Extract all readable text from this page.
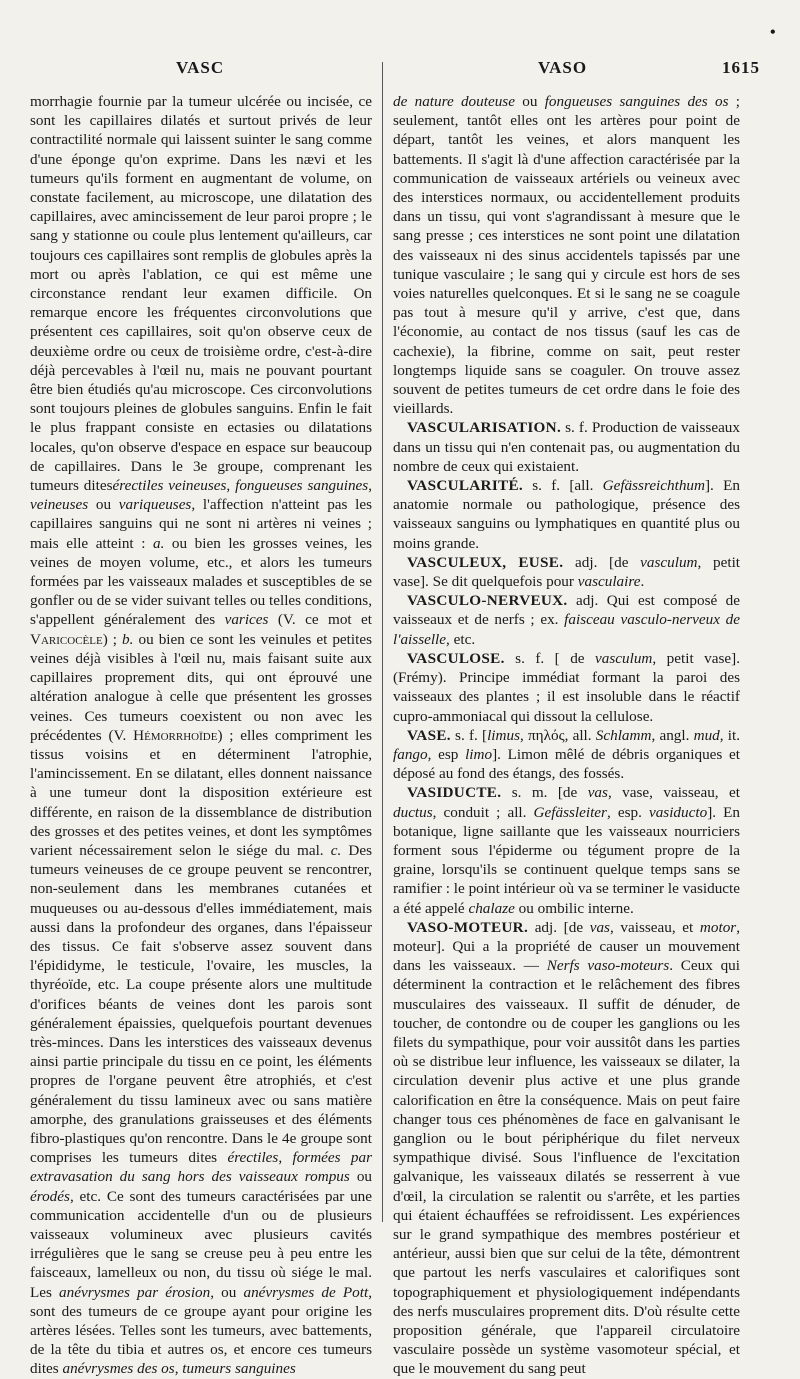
VASC	VASO	1615
•

morrhagie fournie par la tumeur ulcérée ou incisée, ce sont les capillaires dilatés et surtout privés de leur contractilité normale qui laissent suinter le sang comme d'une éponge qu'on exprime. Dans les nævi et les tumeurs qu'ils forment en augmentant de volume, on constate facilement, au microscope, une dilatation des capillaires, avec amincissement de leur paroi propre ; le sang y stationne ou coule plus lentement qu'ailleurs, car toujours ces capillaires sont remplis de globules après la mort ou après l'ablation, ce qui est même une circonstance rendant leur examen difficile. On remarque encore les fréquentes circonvolutions que présentent ces capillaires, soit qu'on observe ceux de deuxième ordre ou ceux de troisième ordre, c'est-à-dire déjà percevables à l'œil nu, mais ne pouvant pourtant être bien étudiés qu'au microscope. Ces circonvolutions sont toujours pleines de globules sanguins. Enfin le fait le plus frappant consiste en ectasies ou dilatations locales, qu'on observe d'espace en espace sur beaucoup de capillaires. Dans le 3e groupe, comprenant les tumeurs ditesérectiles veineuses, fongueuses sanguines, veineuses ou variqueuses, l'affection n'atteint pas les capillaires sanguins qui ne sont ni artères ni veines ; mais elle atteint : a. ou bien les grosses veines, les veines de moyen volume, etc., et alors les tumeurs formées par les vaisseaux malades et susceptibles de se gonfler ou de se vider suivant telles ou telles conditions, s'appellent généralement des varices (V. ce mot et Varicocèle) ; b. ou bien ce sont les veinules et petites veines déjà visibles à l'œil nu, mais faisant suite aux capillaires proprement dits, qui ont éprouvé une altération analogue à celle que présentent les grosses veines. Ces tumeurs coexistent ou non avec les précédentes (V. Hémorrhoïde) ; elles compriment les tissus voisins et en déterminent l'atrophie, l'amincissement. En se dilatant, elles donnent naissance à une tumeur dont la disposition extérieure est différente, en raison de la dissemblance de distribution des grosses et des petites veines, et dont les symptômes varient nécessairement selon le siége du mal. c. Des tumeurs veineuses de ce groupe peuvent se rencontrer, non-seulement dans les membranes cutanées et muqueuses ou au-dessous d'elles immédiatement, mais aussi dans la profondeur des organes, dans l'épaisseur des tissus. Ce fait s'observe assez souvent dans l'épididyme, le testicule, l'ovaire, les muscles, la thyréoïde, etc. La coupe présente alors une multitude d'orifices béants de veines dont les parois sont généralement épaissies, quelquefois pourtant devenues très-minces. Dans les interstices des vaisseaux devenus ainsi partie principale du tissu en ce point, les éléments propres de l'organe peuvent être atrophiés, et c'est généralement du tissu lamineux avec ou sans matière amorphe, des granulations graisseuses et des éléments fibro-plastiques qu'on rencontre. Dans le 4e groupe sont comprises les tumeurs dites érectiles, formées par extravasation du sang hors des vaisseaux rompus ou érodés, etc. Ce sont des tumeurs caractérisées par une communication accidentelle d'un ou de plusieurs vaisseaux volumineux avec plusieurs cavités irrégulières que le sang se creuse peu à peu entre les faisceaux, lamelleux ou non, du tissu où siége le mal. Les anévrysmes par érosion, ou anévrysmes de Pott, sont des tumeurs de ce groupe ayant pour origine les artères lésées. Telles sont les tumeurs, avec battements, de la tête du tibia et autres os, et encore ces tumeurs dites anévrysmes des os, tumeurs sanguines

de nature douteuse ou fongueuses sanguines des os ; seulement, tantôt elles ont les artères pour point de départ, tantôt les veines, et alors manquent les battements. Il s'agit là d'une affection caractérisée par la communication de vaisseaux artériels ou veineux avec des interstices normaux, ou accidentellement produits dans un tissu, qui vont s'agrandissant à mesure que le sang presse ; ces interstices ne sont point une dilatation des vaisseaux ni des sinus accidentels tapissés par une tunique vasculaire ; le sang qui y circule est hors de ses voies naturelles quelconques. Et si le sang ne se coagule pas tout à mesure qu'il y arrive, c'est que, dans l'économie, au contact de nos tissus (sauf les cas de cachexie), la fibrine, comme on sait, peut rester longtemps liquide sans se coaguler. On trouve assez souvent de petites tumeurs de cet ordre dans le foie des vieillards.

VASCULARISATION. s. f. Production de vaisseaux dans un tissu qui n'en contenait pas, ou augmentation du nombre de ceux qui existaient.

VASCULARITÉ. s. f. [all. Gefässreichthum]. En anatomie normale ou pathologique, présence des vaisseaux sanguins ou lymphatiques en quantité plus ou moins grande.

VASCULEUX, EUSE. adj. [de vasculum, petit vase]. Se dit quelquefois pour vasculaire.

VASCULO-NERVEUX. adj. Qui est composé de vaisseaux et de nerfs ; ex. faisceau vasculo-nerveux de l'aisselle, etc.

VASCULOSE. s. f. [ de vasculum, petit vase]. (Frémy). Principe immédiat formant la paroi des vaisseaux des plantes ; il est insoluble dans le réactif cupro-ammoniacal qui dissout la cellulose.

VASE. s. f. [limus, πηλός, all. Schlamm, angl. mud, it. fango, esp limo]. Limon mêlé de débris organiques et déposé au fond des étangs, des fossés.

VASIDUCTE. s. m. [de vas, vase, vaisseau, et ductus, conduit ; all. Gefässleiter, esp. vasiducto]. En botanique, ligne saillante que les vaisseaux nourriciers forment sous l'épiderme ou tégument propre de la graine, lorsqu'ils se continuent quelque temps sans se ramifier : le point intérieur où va se terminer le vasiducte a été appelé chalaze ou ombilic interne.

VASO-MOTEUR. adj. [de vas, vaisseau, et motor, moteur]. Qui a la propriété de causer un mouvement dans les vaisseaux. — Nerfs vaso-moteurs. Ceux qui déterminent la contraction et le relâchement des fibres musculaires des vaisseaux. Il suffit de dénuder, de toucher, de contondre ou de couper les ganglions ou les filets du sympathique, pour voir aussitôt dans les parties où se distribue leur influence, les vaisseaux se dilater, la circulation devenir plus active et une plus grande calorification en être la conséquence. Mais on peut faire changer tous ces phénomènes de face en galvanisant le ganglion ou le bout périphérique du filet nerveux sympathique divisé. Sous l'influence de l'excitation galvanique, les vaisseaux dilatés se resserrent à vue d'œil, la circulation se ralentit ou s'arrête, et les parties qui étaient échauffées se refroidissent. Les expériences sur le grand sympathique des membres postérieur et antérieur, aussi bien que sur celui de la tête, démontrent que partout les nerfs vasculaires et calorifiques sont topographiquement et physiologiquement indépendants des nerfs musculaires proprement dits. D'où résulte cette proposition générale, que l'appareil circulatoire vasculaire possède un système vasomoteur spécial, et que le mouvement du sang peut
